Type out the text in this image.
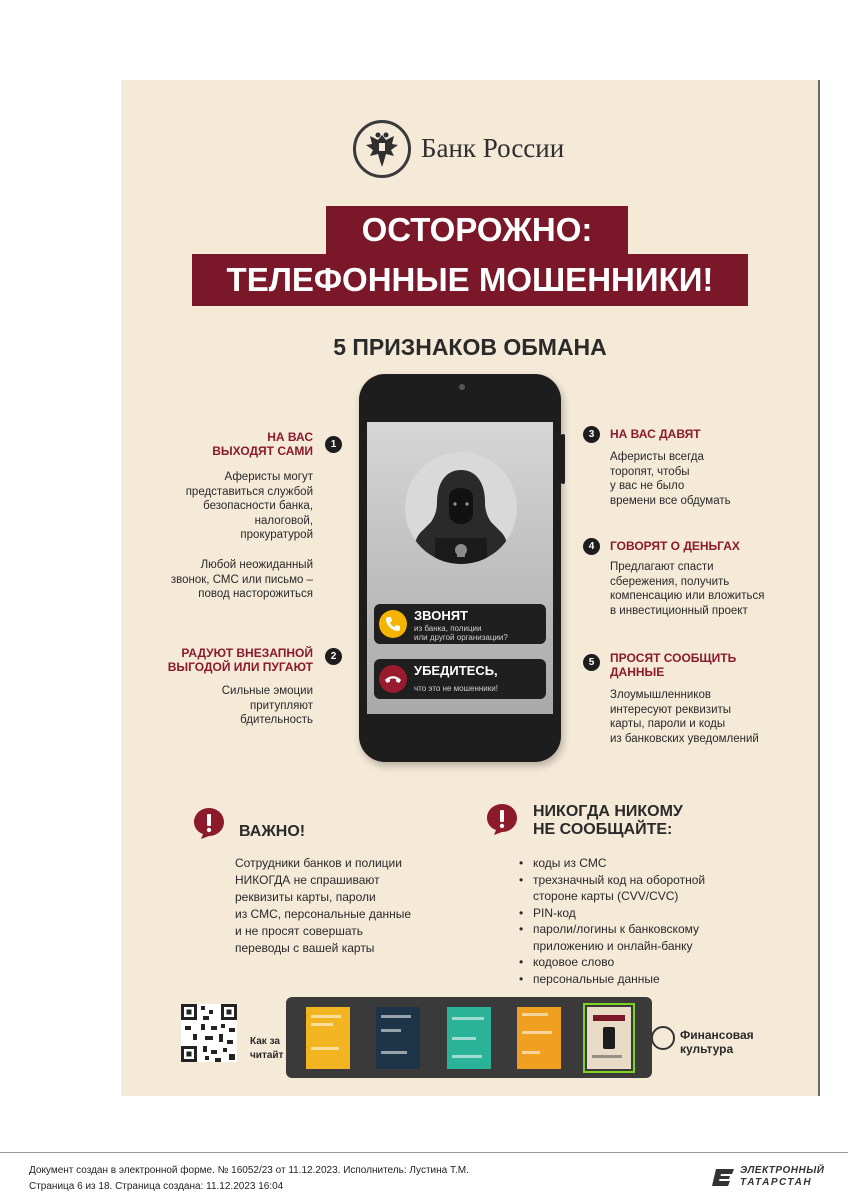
Банк России
ОСТОРОЖНО:
ТЕЛЕФОННЫЕ МОШЕННИКИ!
5 ПРИЗНАКОВ ОБМАНА
ЗВОНЯТ
из банка, полиции
или другой организации?
УБЕДИТЕСЬ,
что это не мошенники!
1
НА ВАС
ВЫХОДЯТ САМИ
Аферисты могут
представиться службой
безопасности банка,
налоговой,
прокуратурой
Любой неожиданный
звонок, СМС или письмо –
повод насторожиться
2
РАДУЮТ ВНЕЗАПНОЙ
ВЫГОДОЙ ИЛИ ПУГАЮТ
Сильные эмоции
притупляют
бдительность
3	НА ВАС ДАВЯТ
Аферисты всегда
торопят, чтобы
у вас не было
времени все обдумать
4	ГОВОРЯТ О ДЕНЬГАХ
Предлагают спасти
сбережения, получить
компенсацию или вложиться
в инвестиционный проект
5	ПРОСЯТ СООБЩИТЬ
ДАННЫЕ
Злоумышленников
интересуют реквизиты
карты, пароли и коды
из банковских уведомлений
ВАЖНО!
Сотрудники банков и полиции
НИКОГДА не спрашивают
реквизиты карты, пароли
из СМС, персональные данные
и не просят совершать
переводы с вашей карты
НИКОГДА НИКОМУ
НЕ СООБЩАЙТЕ:
• коды из СМС
• трехзначный код на оборотной
стороне карты (CVV/CVC)
• PIN-код
• пароли/логины к банковскому
приложению и онлайн-банку
• кодовое слово
• персональные данные
Как за
читайт
Финансовая
культура
Документ создан в электронной форме. № 16052/23 от 11.12.2023. Исполнитель: Лустина Т.М.
Страница 6 из 18. Страница создана: 11.12.2023 16:04
ЭЛЕКТРОННЫЙ
ТАТАРСТАН
